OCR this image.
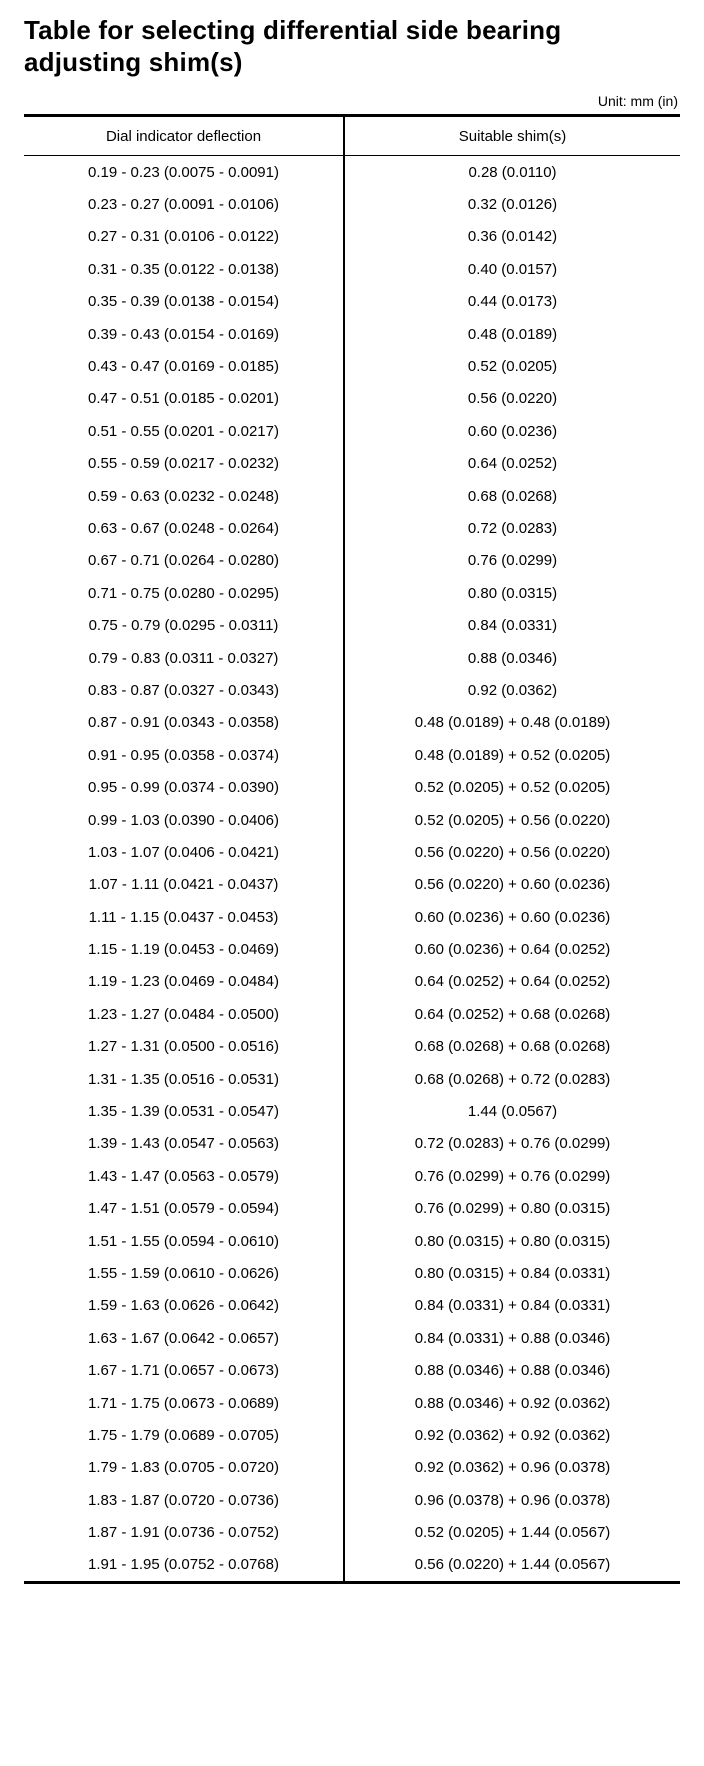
Table for selecting differential side bearing
adjusting shim(s)
Unit: mm (in)
Dial indicator deflection	Suitable shim(s)
0.19 - 0.23 (0.0075 - 0.0091)	0.28 (0.0110)
0.23 - 0.27 (0.0091 - 0.0106)	0.32 (0.0126)
0.27 - 0.31 (0.0106 - 0.0122)	0.36 (0.0142)
0.31 - 0.35 (0.0122 - 0.0138)	0.40 (0.0157)
0.35 - 0.39 (0.0138 - 0.0154)	0.44 (0.0173)
0.39 - 0.43 (0.0154 - 0.0169)	0.48 (0.0189)
0.43 - 0.47 (0.0169 - 0.0185)	0.52 (0.0205)
0.47 - 0.51 (0.0185 - 0.0201)	0.56 (0.0220)
0.51 - 0.55 (0.0201 - 0.0217)	0.60 (0.0236)
0.55 - 0.59 (0.0217 - 0.0232)	0.64 (0.0252)
0.59 - 0.63 (0.0232 - 0.0248)	0.68 (0.0268)
0.63 - 0.67 (0.0248 - 0.0264)	0.72 (0.0283)
0.67 - 0.71 (0.0264 - 0.0280)	0.76 (0.0299)
0.71 - 0.75 (0.0280 - 0.0295)	0.80 (0.0315)
0.75 - 0.79 (0.0295 - 0.0311)	0.84 (0.0331)
0.79 - 0.83 (0.0311 - 0.0327)	0.88 (0.0346)
0.83 - 0.87 (0.0327 - 0.0343)	0.92 (0.0362)
0.87 - 0.91 (0.0343 - 0.0358)	0.48 (0.0189) + 0.48 (0.0189)
0.91 - 0.95 (0.0358 - 0.0374)	0.48 (0.0189) + 0.52 (0.0205)
0.95 - 0.99 (0.0374 - 0.0390)	0.52 (0.0205) + 0.52 (0.0205)
0.99 - 1.03 (0.0390 - 0.0406)	0.52 (0.0205) + 0.56 (0.0220)
1.03 - 1.07 (0.0406 - 0.0421)	0.56 (0.0220) + 0.56 (0.0220)
1.07 - 1.11 (0.0421 - 0.0437)	0.56 (0.0220) + 0.60 (0.0236)
1.11 - 1.15 (0.0437 - 0.0453)	0.60 (0.0236) + 0.60 (0.0236)
1.15 - 1.19 (0.0453 - 0.0469)	0.60 (0.0236) + 0.64 (0.0252)
1.19 - 1.23 (0.0469 - 0.0484)	0.64 (0.0252) + 0.64 (0.0252)
1.23 - 1.27 (0.0484 - 0.0500)	0.64 (0.0252) + 0.68 (0.0268)
1.27 - 1.31 (0.0500 - 0.0516)	0.68 (0.0268) + 0.68 (0.0268)
1.31 - 1.35 (0.0516 - 0.0531)	0.68 (0.0268) + 0.72 (0.0283)
1.35 - 1.39 (0.0531 - 0.0547)	1.44 (0.0567)
1.39 - 1.43 (0.0547 - 0.0563)	0.72 (0.0283) + 0.76 (0.0299)
1.43 - 1.47 (0.0563 - 0.0579)	0.76 (0.0299) + 0.76 (0.0299)
1.47 - 1.51 (0.0579 - 0.0594)	0.76 (0.0299) + 0.80 (0.0315)
1.51 - 1.55 (0.0594 - 0.0610)	0.80 (0.0315) + 0.80 (0.0315)
1.55 - 1.59 (0.0610 - 0.0626)	0.80 (0.0315) + 0.84 (0.0331)
1.59 - 1.63 (0.0626 - 0.0642)	0.84 (0.0331) + 0.84 (0.0331)
1.63 - 1.67 (0.0642 - 0.0657)	0.84 (0.0331) + 0.88 (0.0346)
1.67 - 1.71 (0.0657 - 0.0673)	0.88 (0.0346) + 0.88 (0.0346)
1.71 - 1.75 (0.0673 - 0.0689)	0.88 (0.0346) + 0.92 (0.0362)
1.75 - 1.79 (0.0689 - 0.0705)	0.92 (0.0362) + 0.92 (0.0362)
1.79 - 1.83 (0.0705 - 0.0720)	0.92 (0.0362) + 0.96 (0.0378)
1.83 - 1.87 (0.0720 - 0.0736)	0.96 (0.0378) + 0.96 (0.0378)
1.87 - 1.91 (0.0736 - 0.0752)	0.52 (0.0205) + 1.44 (0.0567)
1.91 - 1.95 (0.0752 - 0.0768)	0.56 (0.0220) + 1.44 (0.0567)
